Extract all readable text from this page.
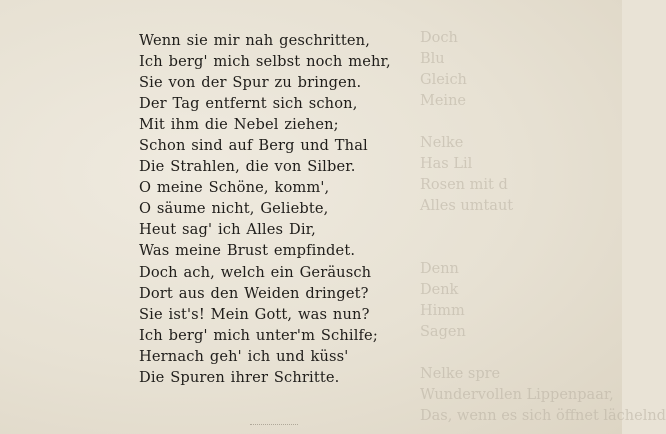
Doch
Blu
Gleich
Meine

Nelke
Has Lil
Rosen mit d
Alles umtaut

Denn
Denk
Himm
Sagen

Nelke spre
Wundervollen Lippenpaar,
Das, wenn es sich öffnet lächelnd
Wenn sie mir nah geschritten,
Ich berg' mich selbst noch mehr,
Sie von der Spur zu bringen.
Der Tag entfernt sich schon,
Mit ihm die Nebel ziehen;
Schon sind auf Berg und Thal
Die Strahlen, die von Silber.
O meine Schöne, komm',
O säume nicht, Geliebte,
Heut sag' ich Alles Dir,
Was meine Brust empfindet.
Doch ach, welch ein Geräusch
Dort aus den Weiden dringet?
Sie ist's! Mein Gott, was nun?
Ich berg' mich unter'm Schilfe;
Hernach geh' ich und küss'
Die Spuren ihrer Schritte.
